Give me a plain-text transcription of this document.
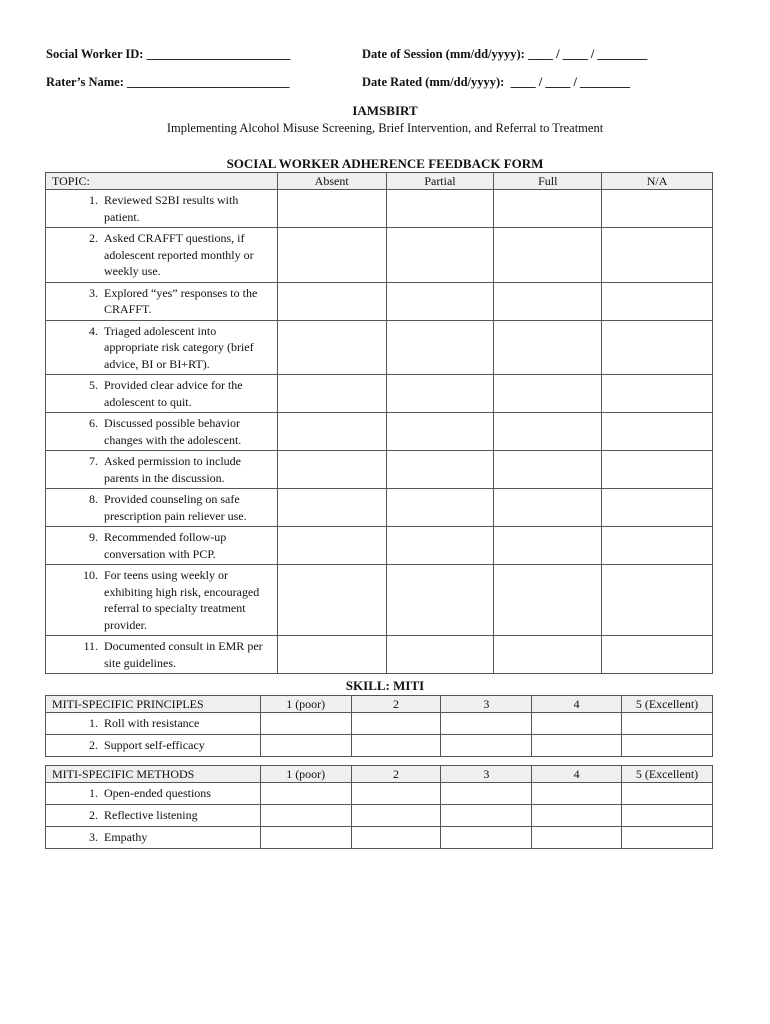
Social Worker ID: _______________________	Date of Session (mm/dd/yyyy): ____ / ____ / ________
Rater’s Name: __________________________	Date Rated (mm/dd/yyyy):  ____ / ____ / ________
IAMSBIRT
Implementing Alcohol Misuse Screening, Brief Intervention, and Referral to Treatment
SOCIAL WORKER ADHERENCE FEEDBACK FORM
TOPIC:	Absent	Partial	Full	N/A

1. Reviewed S2BI results with patient.				

2. Asked CRAFFT questions, if adolescent reported monthly or weekly use.				

3. Explored “yes” responses to the CRAFFT.				

4. Triaged adolescent into appropriate risk category (brief advice, BI or BI+RT).				

5. Provided clear advice for the adolescent to quit.				

6. Discussed possible behavior changes with the adolescent.				

7. Asked permission to include parents in the discussion.				

8. Provided counseling on safe prescription pain reliever use.				

9. Recommended follow-up conversation with PCP.				

10. For teens using weekly or exhibiting high risk, encouraged referral to specialty treatment provider.				

11. Documented consult in EMR per site guidelines.				

SKILL: MITI
MITI-SPECIFIC PRINCIPLES	1 (poor)	2	3	4	5 (Excellent)

1. Roll with resistance					

2. Support self-efficacy					

MITI-SPECIFIC METHODS	1 (poor)	2	3	4	5 (Excellent)

1. Open-ended questions					

2. Reflective listening					

3. Empathy					
